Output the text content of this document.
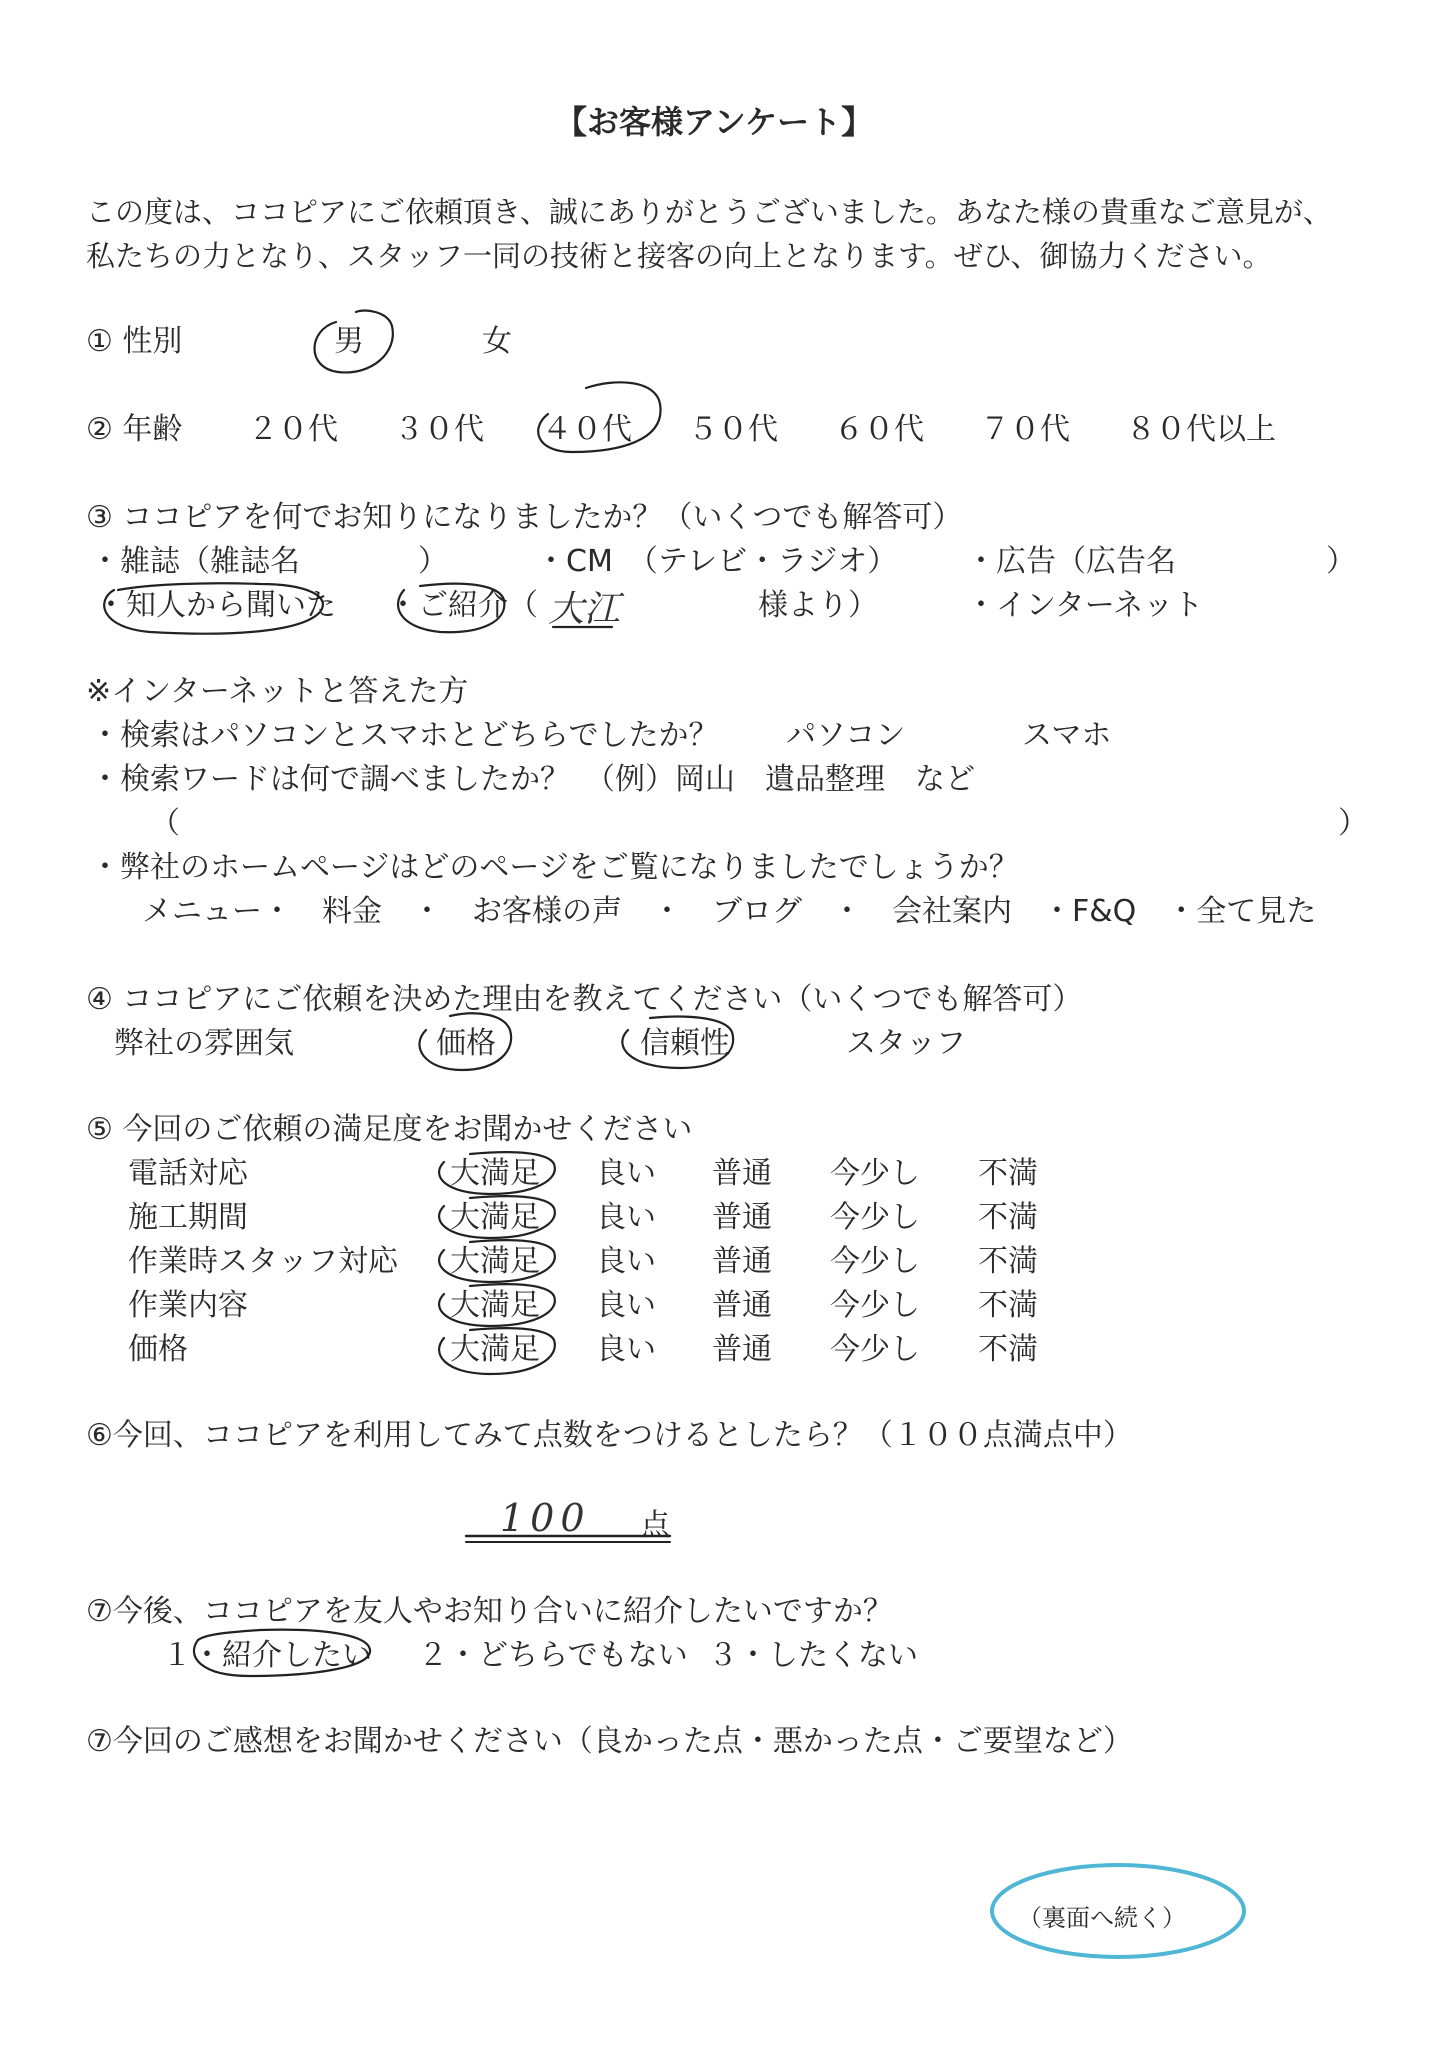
【お客様アンケート】
この度は、ココピアにご依頼頂き、誠にありがとうございました。あなた様の貴重なご意見が、
私たちの力となり、スタッフ一同の技術と接客の向上となります。ぜひ、御協力ください。
① 性別	男	女
② 年齢 ２０代 ３０代 ４０代 ５０代 ６０代 ７０代 ８０代以上
③ ココピアを何でお知りになりましたか？（いくつでも解答可）
・雑誌（雑誌名	）	・CM　（テレビ・ラジオ） ・広告（広告名	）
・知人から聞いた ・ご紹介（ 大江	様より）	・インターネット
※インターネットと答えた方
・検索はパソコンとスマホとどちらでしたか？ パソコン	スマホ
・検索ワードは何で調べましたか？　（例）岡山　遺品整理　など
（	）
・弊社のホームページはどのページをご覧になりましたでしょうか？
メニュー・　料金　・　お客様の声　・　ブログ　・　会社案内　・F&Q　・全て見た
④ ココピアにご依頼を決めた理由を教えてください（いくつでも解答可）
弊社の雰囲気	価格	信頼性	スタッフ
⑤ 今回のご依頼の満足度をお聞かせください
電話対応	大満足 良い 普通 今少し 不満
施工期間	大満足 良い 普通 今少し 不満
作業時スタッフ対応 大満足 良い 普通 今少し 不満
作業内容	大満足 良い 普通 今少し 不満
価格	大満足 良い 普通 今少し 不満
⑥今回、ココピアを利用してみて点数をつけるとしたら？（１００点満点中）
100 点
⑦今後、ココピアを友人やお知り合いに紹介したいですか？
１・紹介したい ２・どちらでもない ３・したくない
⑦今回のご感想をお聞かせください（良かった点・悪かった点・ご要望など）
（裏面へ続く）
